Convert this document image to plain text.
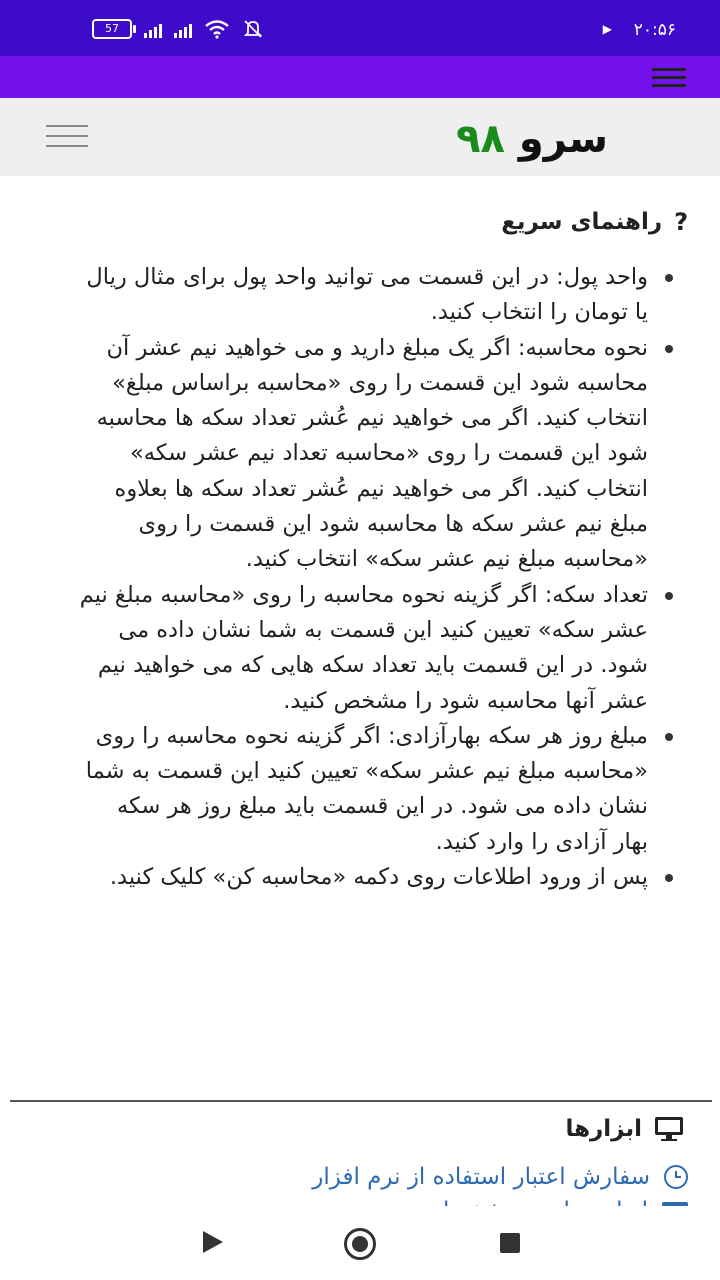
57	▶ ۲۰:۵۶
سرو ۹۸
?
راهنمای سریع
واحد پول: در این قسمت می توانید واحد پول برای مثال ریال یا تومان را انتخاب کنید.
نحوه محاسبه: اگر یک مبلغ دارید و می خواهید نیم عشر آن محاسبه شود این قسمت را روی «محاسبه براساس مبلغ» انتخاب کنید. اگر می خواهید نیم عُشر تعداد سکه ها محاسبه شود این قسمت را روی «محاسبه تعداد نیم عشر سکه» انتخاب کنید. اگر می خواهید نیم عُشر تعداد سکه ها بعلاوه مبلغ نیم عشر سکه ها محاسبه شود این قسمت را روی «محاسبه مبلغ نیم عشر سکه» انتخاب کنید.
تعداد سکه: اگر گزینه نحوه محاسبه را روی «محاسبه مبلغ نیم عشر سکه» تعیین کنید این قسمت به شما نشان داده می شود. در این قسمت باید تعداد سکه هایی که می خواهید نیم عشر آنها محاسبه شود را مشخص کنید.
مبلغ روز هر سکه بهارآزادی: اگر گزینه نحوه محاسبه را روی «محاسبه مبلغ نیم عشر سکه» تعیین کنید این قسمت به شما نشان داده می شود. در این قسمت باید مبلغ روز هر سکه بهار آزادی را وارد کنید.
پس از ورود اطلاعات روی دکمه «محاسبه کن» کلیک کنید.
ابزارها
سفارش اعتبار استفاده از نرم افزار
